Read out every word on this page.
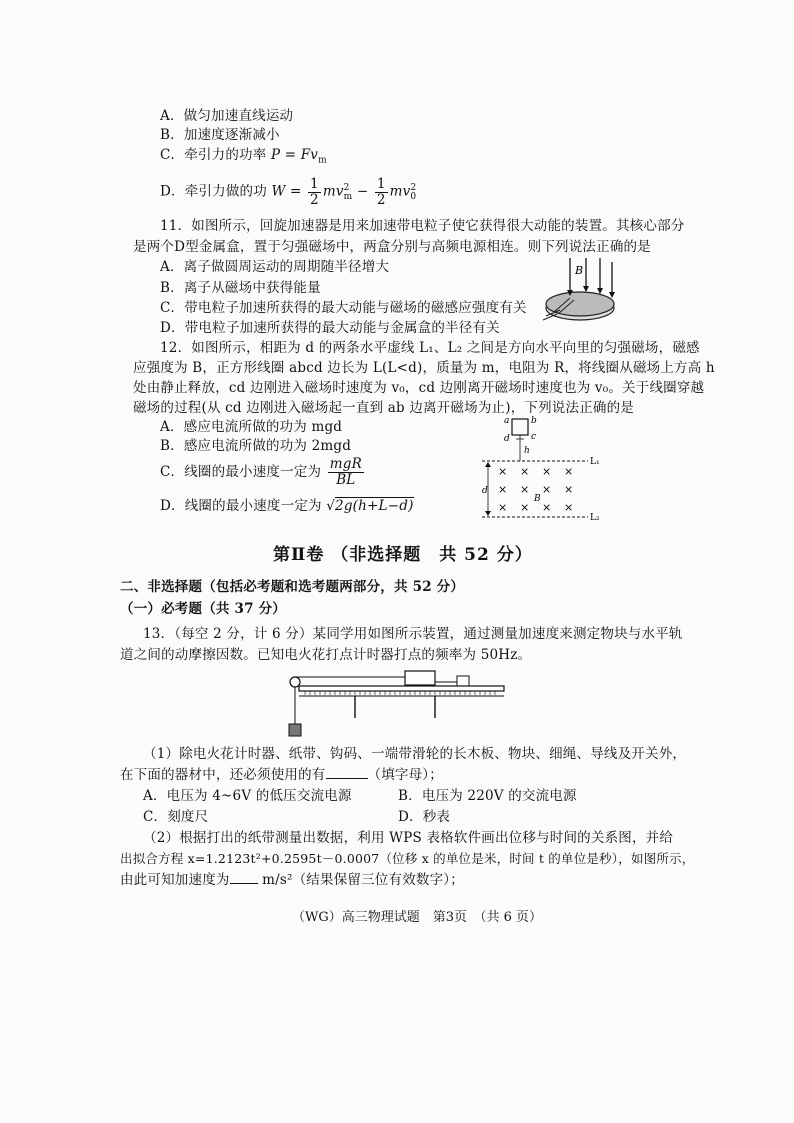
A．做匀加速直线运动
B．加速度逐渐减小
C．牵引力的功率 $P = Fv_m$
D．牵引力做的功 $W = \frac{1}{2} mv^2_m - \frac{1}{2} mv^2_0$
11．如图所示，回旋加速器是用来加速带电粒子使它获得很大动能的装置。其核心部分
是两个D型金属盒，置于匀强磁场中，两盒分别与高频电源相连。则下列说法正确的是
A．离子做圆周运动的周期随半径增大
B．离子从磁场中获得能量
C．带电粒子加速所获得的最大动能与磁场的磁感应强度有关
D．带电粒子加速所获得的最大动能与金属盒的半径有关
B
12．如图所示，相距为 d 的两条水平虚线 L₁、L₂ 之间是方向水平向里的匀强磁场，磁感
应强度为 B，正方形线圈 abcd 边长为 L(L<d)，质量为 m，电阻为 R，将线圈从磁场上方高 h
处由静止释放，cd 边刚进入磁场时速度为 v₀，cd 边刚离开磁场时速度也为 v₀。关于线圈穿越
磁场的过程(从 cd 边刚进入磁场起一直到 ab 边离开磁场为止)，下列说法正确的是
A．感应电流所做的功为 mgd
B．感应电流所做的功为 2mgd
C．线圈的最小速度一定为 $\frac{\text{mgR}}{BL}$
D．线圈的最小速度一定为 √2g(h+L−d)
a b
c
d
h
L₁
L₂
d
× × × ×
× × × ×
× × × ×
B
第Ⅱ卷 （非选择题　共 52 分）
二、非选择题（包括必考题和选考题两部分，共 52 分）
（一）必考题（共 37 分）
13．（每空 2 分，计 6 分）某同学用如图所示装置，通过测量加速度来测定物块与水平轨
道之间的动摩擦因数。已知电火花打点计时器打点的频率为 50Hz。
（1）除电火花计时器、纸带、钩码、一端带滑轮的长木板、物块、细绳、导线及开关外，
在下面的器材中，还必须使用的有	（填字母）；
A．电压为 4~6V 的低压交流电源	B．电压为 220V 的交流电源
C．刻度尺	D．秒表
（2）根据打出的纸带测量出数据，利用 WPS 表格软件画出位移与时间的关系图，并给
出拟合方程 x=1.2123t²+0.2595t－0.0007（位移 x 的单位是米，时间 t 的单位是秒），如图所示，
由此可知加速度为 m/s²（结果保留三位有效数字）；
（WG）高三物理试题　第3页　（共 6 页）
